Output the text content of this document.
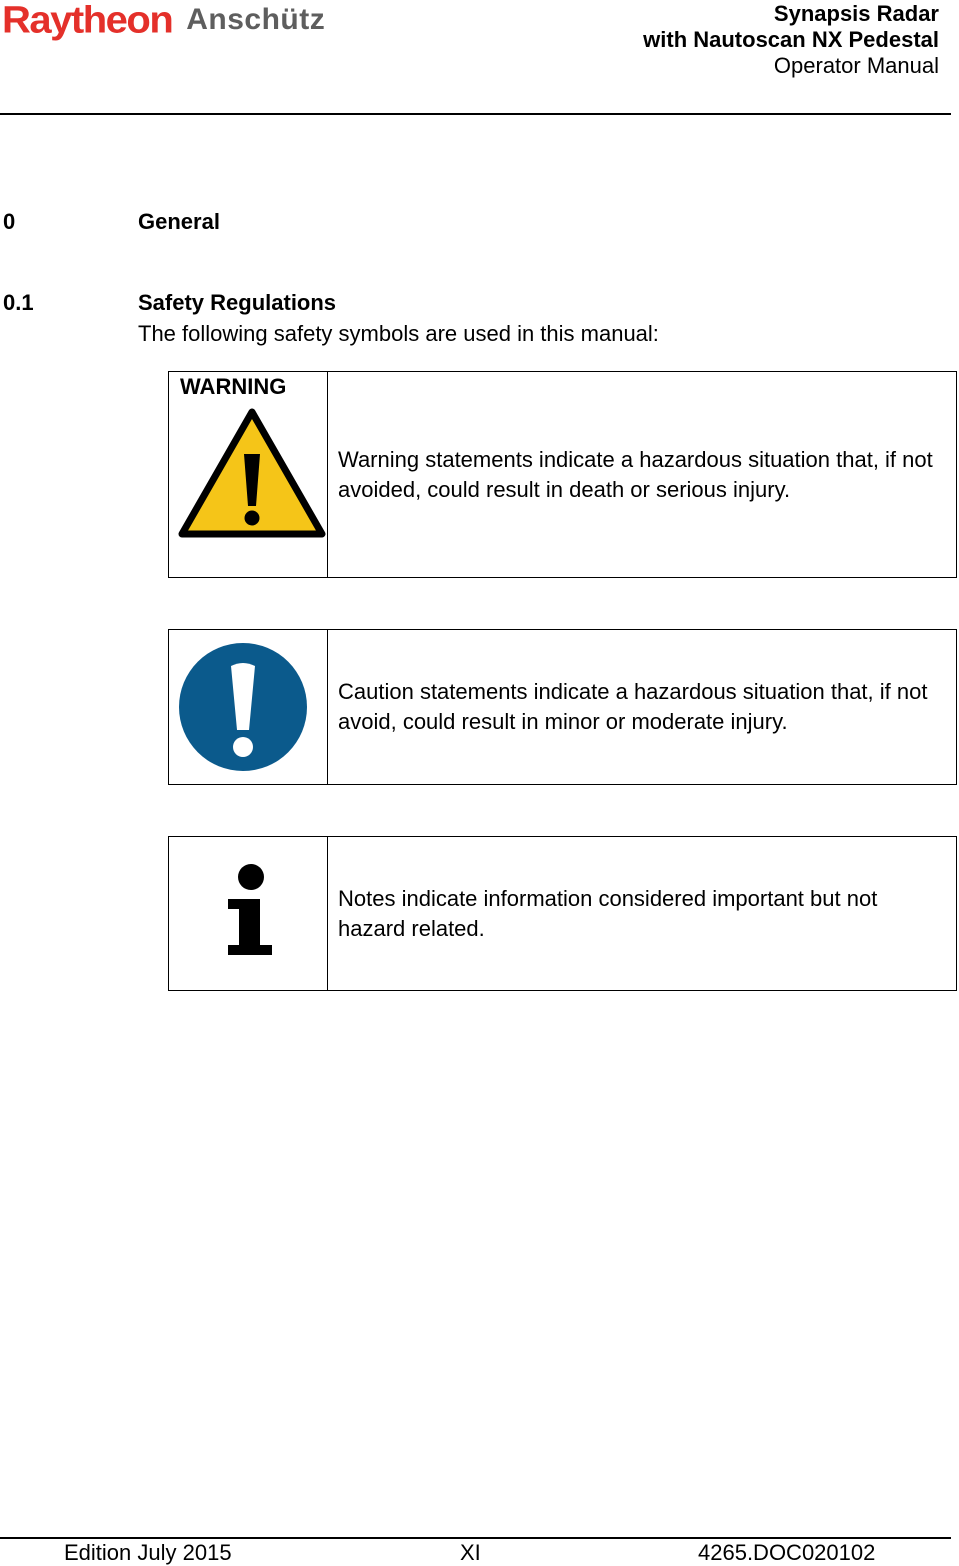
Raytheon Anschütz	Synapsis Radar
with Nautoscan NX Pedestal
Operator Manual
0	General
0.1	Safety Regulations
The following safety symbols are used in this manual:
WARNING
Warning statements indicate a hazardous situation that, if not avoided, could result in death or serious injury.
Caution statements indicate a hazardous situation that, if not avoid, could result in minor or moderate injury.
Notes indicate information considered important but not hazard related.
Edition July 2015	XI	4265.DOC020102
